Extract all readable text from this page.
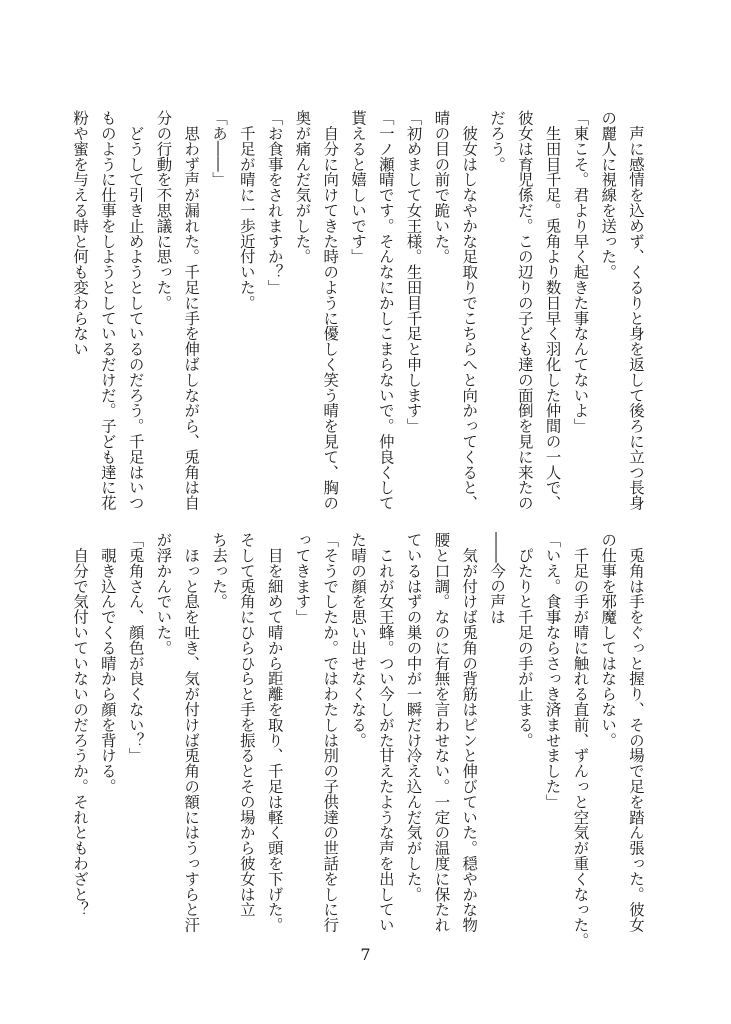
　声に感情を込めず、くるりと身を返して後ろに立つ長身
の麗人に視線を送った。
「東こそ。君より早く起きた事なんてないよ」
　生田目千足。兎角より数日早く羽化した仲間の一人で、
彼女は育児係だ。この辺りの子ども達の面倒を見に来たの
だろう。
　彼女はしなやかな足取りでこちらへと向かってくると、
晴の目の前で跪いた。
「初めまして女王様。生田目千足と申します」
「一ノ瀬晴です。そんなにかしこまらないで。仲良くして
貰えると嬉しいです」
　自分に向けてきた時のように優しく笑う晴を見て、胸の
奥が痛んだ気がした。
「お食事をされますか？」
　千足が晴に一歩近付いた。
「あ――」
　思わず声が漏れた。千足に手を伸ばしながら、兎角は自
分の行動を不思議に思った。
　どうして引き止めようとしているのだろう。千足はいつ
ものように仕事をしようとしているだけだ。子ども達に花
粉や蜜を与える時と何も変わらない
　兎角は手をぐっと握り、その場で足を踏ん張った。彼女
の仕事を邪魔してはならない。
　千足の手が晴に触れる直前、ずんっと空気が重くなった。
「いえ。食事ならさっき済ませました」
　ぴたりと千足の手が止まる。
――今の声は
　気が付けば兎角の背筋はピンと伸びていた。穏やかな物
腰と口調。なのに有無を言わせない。一定の温度に保たれ
ているはずの巣の中が一瞬だけ冷え込んだ気がした。
　これが女王蜂。つい今しがた甘えたような声を出してい
た晴の顔を思い出せなくなる。
「そうでしたか。ではわたしは別の子供達の世話をしに行
ってきます」
　目を細めて晴から距離を取り、千足は軽く頭を下げた。
そして兎角にひらひらと手を振るとその場から彼女は立
ち去った。
　ほっと息を吐き、気が付けば兎角の額にはうっすらと汗
が浮かんでいた。
「兎角さん、顔色が良くない？」
　覗き込んでくる晴から顔を背ける。
　自分で気付いていないのだろうか。それともわざと？
7
